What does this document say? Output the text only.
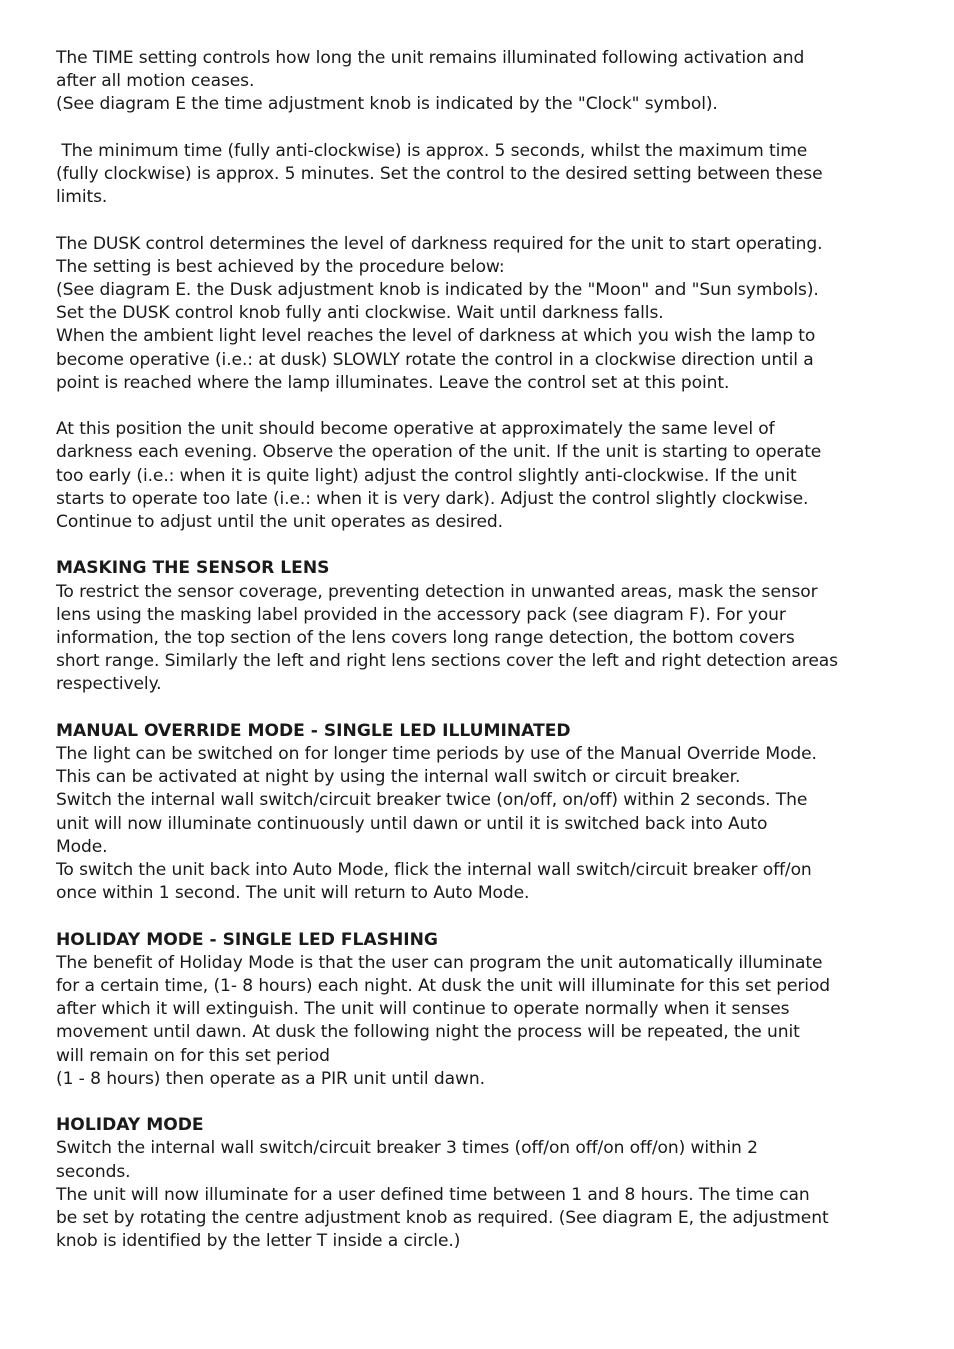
The TIME setting controls how long the unit remains illuminated following activation and
after all motion ceases.
(See diagram E the time adjustment knob is indicated by the "Clock" symbol).
The minimum time (fully anti-clockwise) is approx. 5 seconds, whilst the maximum time
(fully clockwise) is approx. 5 minutes. Set the control to the desired setting between these
limits.
The DUSK control determines the level of darkness required for the unit to start operating.
The setting is best achieved by the procedure below:
(See diagram E. the Dusk adjustment knob is indicated by the "Moon" and "Sun symbols).
Set the DUSK control knob fully anti clockwise. Wait until darkness falls.
When the ambient light level reaches the level of darkness at which you wish the lamp to
become operative (i.e.: at dusk) SLOWLY rotate the control in a clockwise direction until a
point is reached where the lamp illuminates. Leave the control set at this point.
At this position the unit should become operative at approximately the same level of
darkness each evening. Observe the operation of the unit. If the unit is starting to operate
too early (i.e.: when it is quite light) adjust the control slightly anti-clockwise. If the unit
starts to operate too late (i.e.: when it is very dark). Adjust the control slightly clockwise.
Continue to adjust until the unit operates as desired.
MASKING THE SENSOR LENS
To restrict the sensor coverage, preventing detection in unwanted areas, mask the sensor
lens using the masking label provided in the accessory pack (see diagram F). For your
information, the top section of the lens covers long range detection, the bottom covers
short range. Similarly the left and right lens sections cover the left and right detection areas
respectively.
MANUAL OVERRIDE MODE - SINGLE LED ILLUMINATED
The light can be switched on for longer time periods by use of the Manual Override Mode.
This can be activated at night by using the internal wall switch or circuit breaker.
Switch the internal wall switch/circuit breaker twice (on/off, on/off) within 2 seconds. The
unit will now illuminate continuously until dawn or until it is switched back into Auto
Mode.
To switch the unit back into Auto Mode, flick the internal wall switch/circuit breaker off/on
once within 1 second. The unit will return to Auto Mode.
HOLIDAY MODE - SINGLE LED FLASHING
The benefit of Holiday Mode is that the user can program the unit automatically illuminate
for a certain time, (1- 8 hours) each night. At dusk the unit will illuminate for this set period
after which it will extinguish. The unit will continue to operate normally when it senses
movement until dawn. At dusk the following night the process will be repeated, the unit
will remain on for this set period
(1 - 8 hours) then operate as a PIR unit until dawn.
HOLIDAY MODE
Switch the internal wall switch/circuit breaker 3 times (off/on off/on off/on) within 2
seconds.
The unit will now illuminate for a user defined time between 1 and 8 hours. The time can
be set by rotating the centre adjustment knob as required. (See diagram E, the adjustment
knob is identified by the letter T inside a circle.)
